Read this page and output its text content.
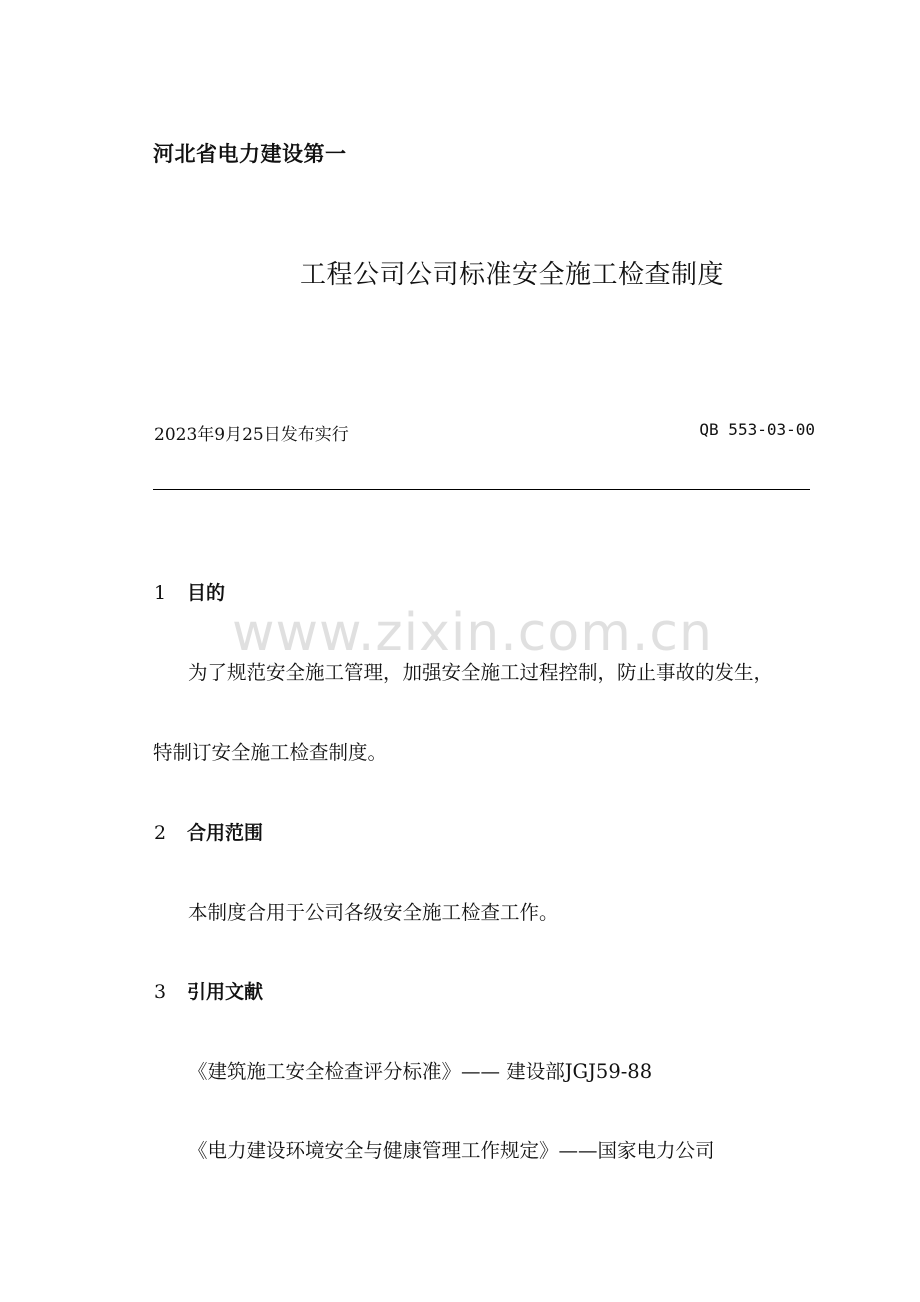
河北省电力建设第一
工程公司公司标准安全施工检查制度
2023年9月25日发布实行	QB 553-03-00
www.zixin.com.cn
1 目的
为了规范安全施工管理，加强安全施工过程控制，防止事故的发生，
特制订安全施工检查制度。
2 合用范围
本制度合用于公司各级安全施工检查工作。
3 引用文献
《建筑施工安全检查评分标准》—— 建设部JGJ59-88
《电力建设环境安全与健康管理工作规定》——国家电力公司
